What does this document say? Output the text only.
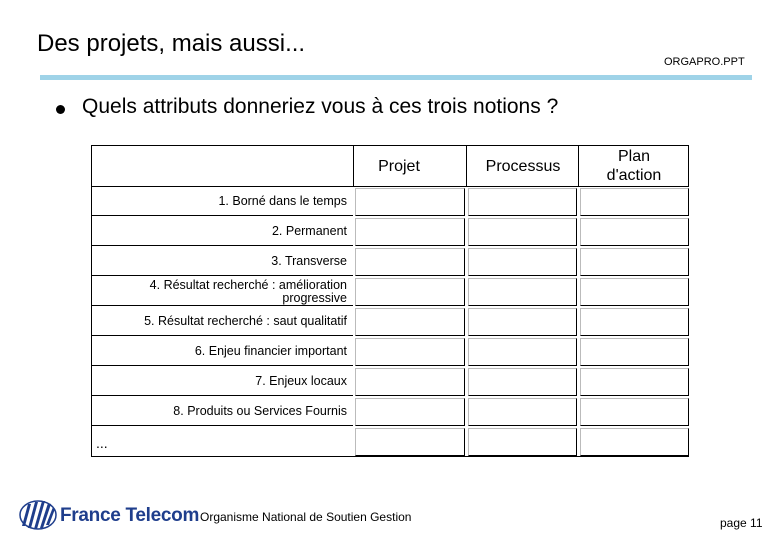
Des projets, mais aussi...
ORGAPRO.PPT
Quels attributs donneriez vous à ces trois notions ?
Projet	Processus
Plan d'action
1. Borné dans le temps
2. Permanent
3. Transverse
4. Résultat recherché : amélioration progressive
5. Résultat recherché : saut qualitatif
6. Enjeu financier important
7. Enjeux locaux
8. Produits ou Services Fournis
...
France Telecom Organisme National de Soutien Gestion	page 11
